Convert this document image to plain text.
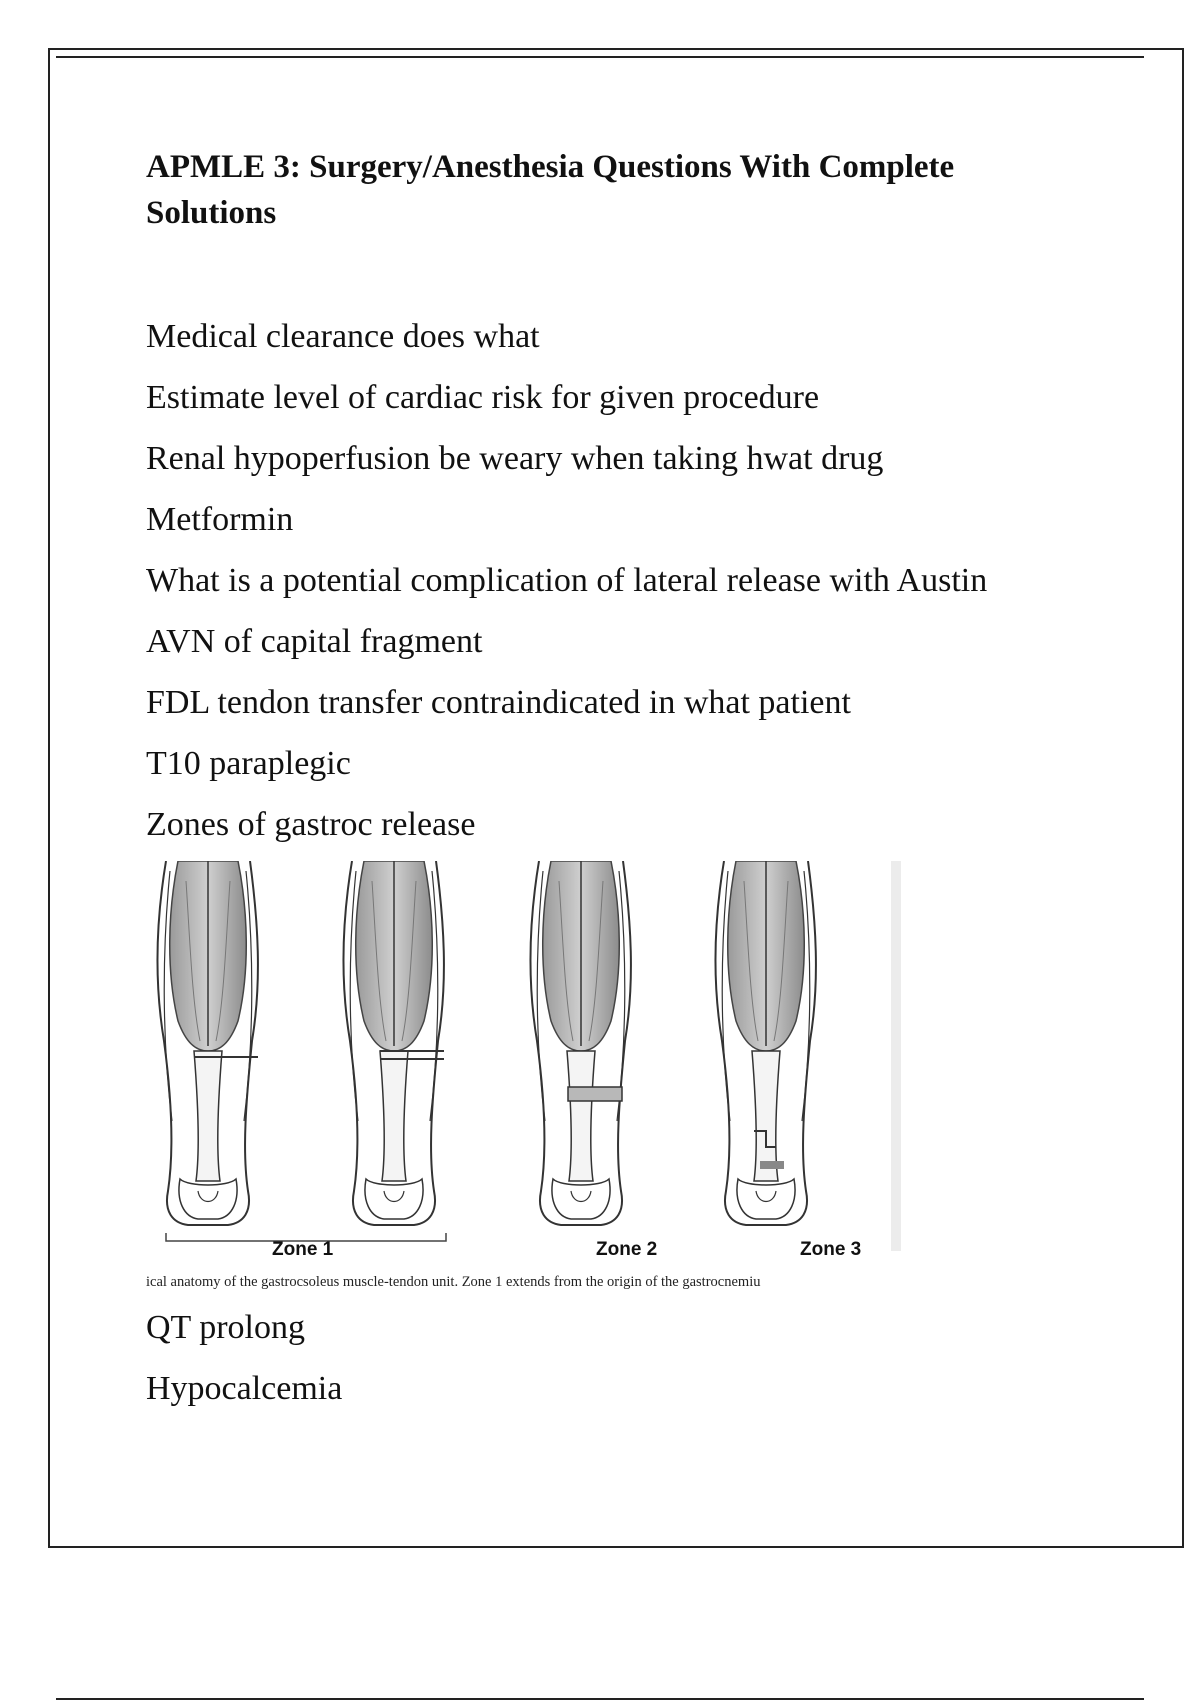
APMLE 3: Surgery/Anesthesia Questions With Complete Solutions

Medical clearance does what

Estimate level of cardiac risk for given procedure

Renal hypoperfusion be weary when taking hwat drug

Metformin

What is a potential complication of lateral release with Austin

AVN of capital fragment

FDL tendon transfer contraindicated in what patient

T10 paraplegic

Zones of gastroc release

Zone 1	Zone 2	Zone 3
ical anatomy of the gastrocsoleus muscle-tendon unit. Zone 1 extends from the origin of the gastrocnemiu

QT prolong

Hypocalcemia
